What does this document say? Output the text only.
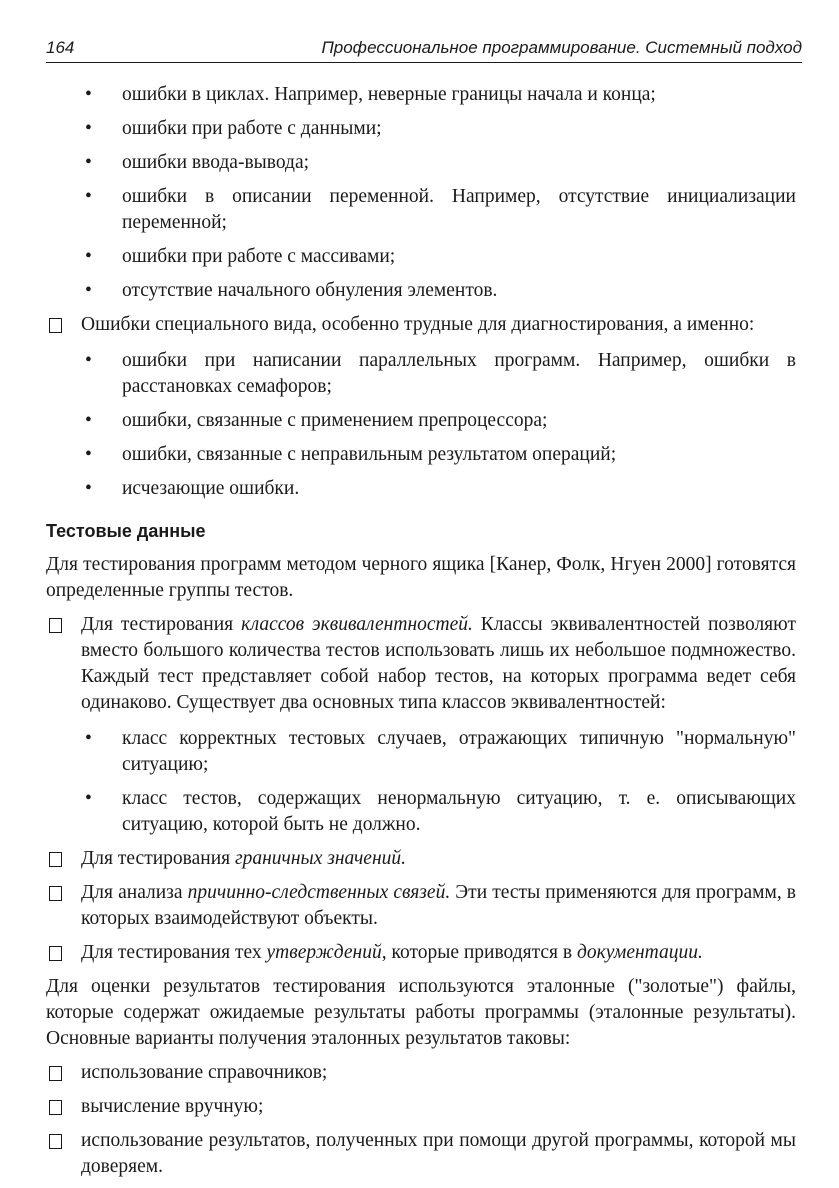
164	Профессиональное программирование. Системный подход
• ошибки в циклах. Например, неверные границы начала и конца;
• ошибки при работе с данными;
• ошибки ввода-вывода;
• ошибки в описании переменной. Например, отсутствие инициализации переменной;
• ошибки при работе с массивами;
• отсутствие начального обнуления элементов.
Ошибки специального вида, особенно трудные для диагностирования, а именно:
• ошибки при написании параллельных программ. Например, ошибки в расстановках семафоров;
• ошибки, связанные с применением препроцессора;
• ошибки, связанные с неправильным результатом операций;
• исчезающие ошибки.
Тестовые данные

Для тестирования программ методом черного ящика [Канер, Фолк, Нгуен 2000] готовятся определенные группы тестов.

Для тестирования классов эквивалентностей. Классы эквивалентностей позволяют вместо большого количества тестов использовать лишь их небольшое подмножество. Каждый тест представляет собой набор тестов, на которых программа ведет себя одинаково. Существует два основных типа классов эквивалентностей:
• класс корректных тестовых случаев, отражающих типичную "нормальную" ситуацию;
• класс тестов, содержащих ненормальную ситуацию, т. е. описывающих ситуацию, которой быть не должно.
Для тестирования граничных значений.
Для анализа причинно-следственных связей. Эти тесты применяются для программ, в которых взаимодействуют объекты.
Для тестирования тех утверждений, которые приводятся в документации.

Для оценки результатов тестирования используются эталонные ("золотые") файлы, которые содержат ожидаемые результаты работы программы (эталонные результаты). Основные варианты получения эталонных результатов таковы:

использование справочников;
вычисление вручную;
использование результатов, полученных при помощи другой программы, которой мы доверяем.
